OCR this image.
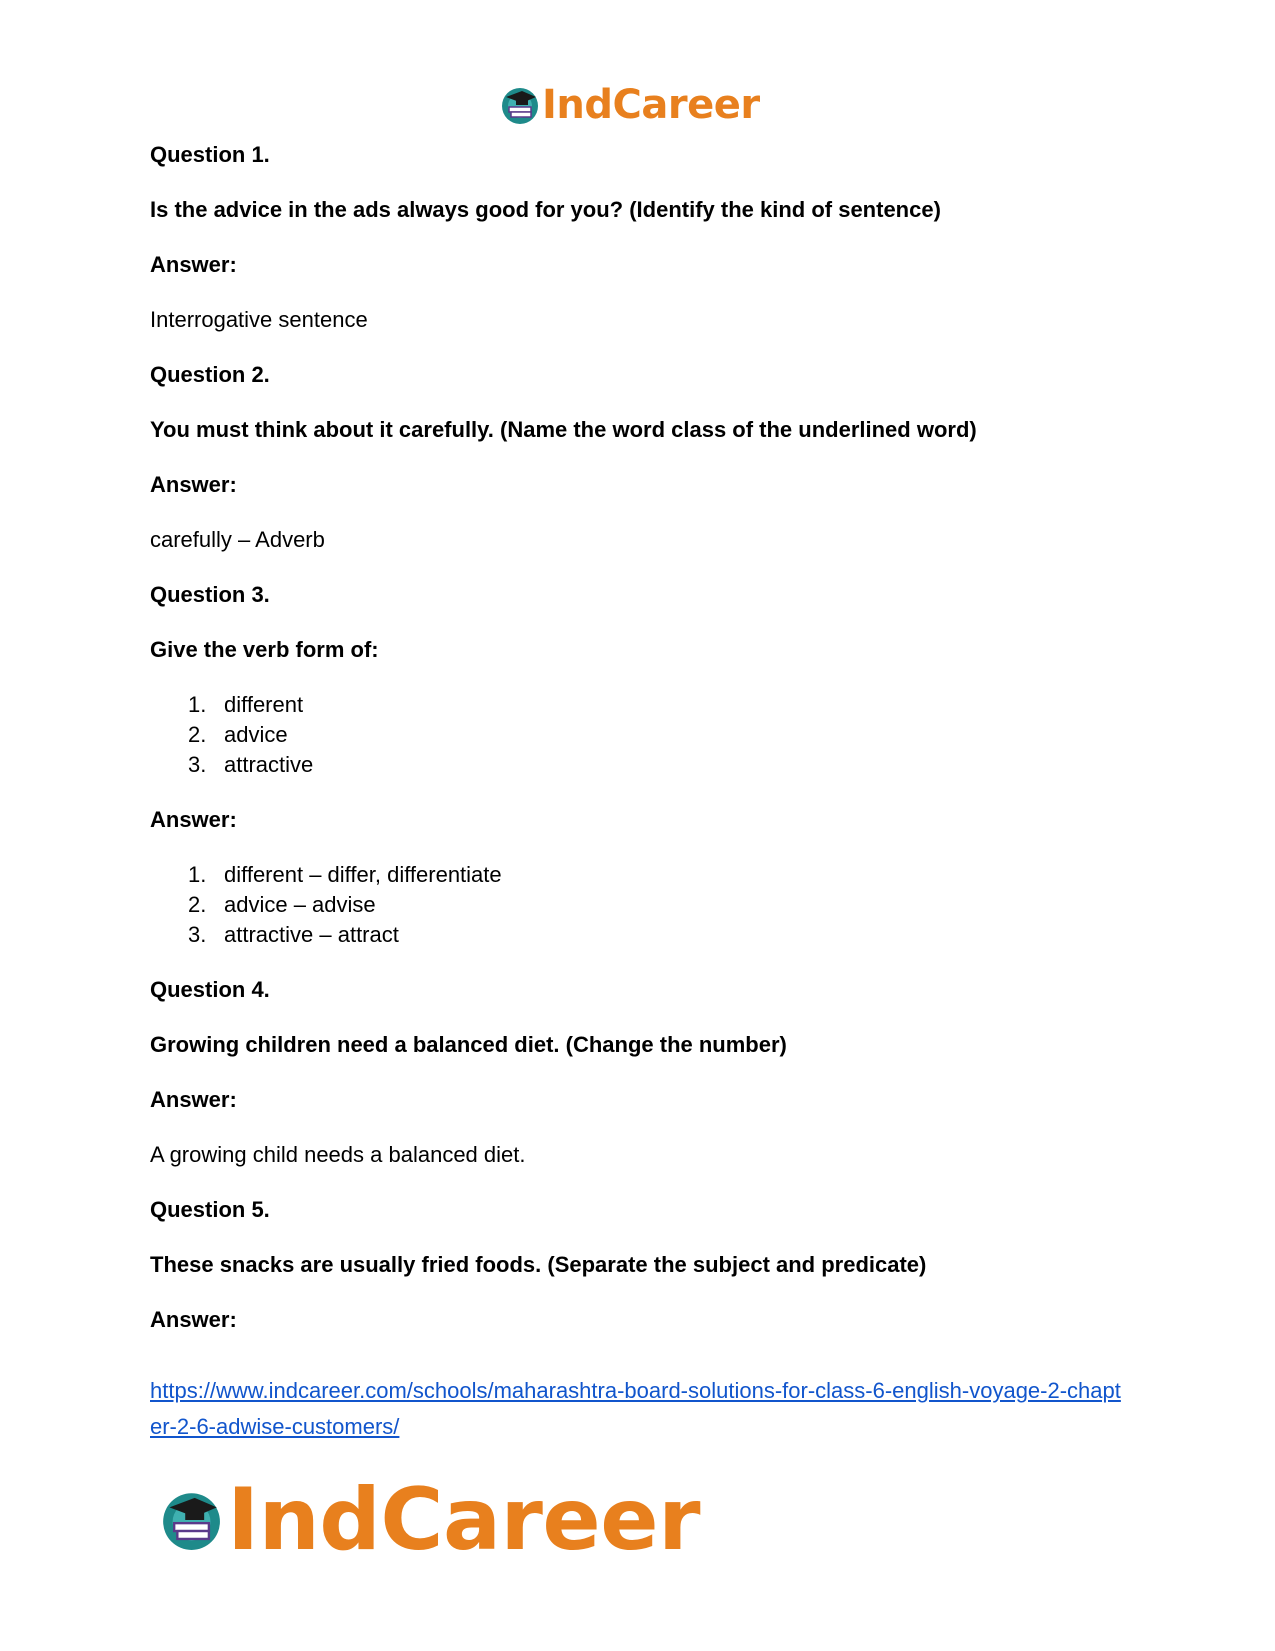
IndCareer

Question 1.

Is the advice in the ads always good for you? (Identify the kind of sentence)

Answer:

Interrogative sentence

Question 2.

You must think about it carefully. (Name the word class of the underlined word)

Answer:

carefully – Adverb

Question 3.

Give the verb form of:

different
advice
attractive

Answer:

different – differ, differentiate
advice – advise
attractive – attract

Question 4.

Growing children need a balanced diet. (Change the number)

Answer:

A growing child needs a balanced diet.

Question 5.

These snacks are usually fried foods. (Separate the subject and predicate)

Answer:

https://www.indcareer.com/schools/maharashtra-board-solutions-for-class-6-english-voyage-2-chapter-2-6-adwise-customers/
IndCareer
